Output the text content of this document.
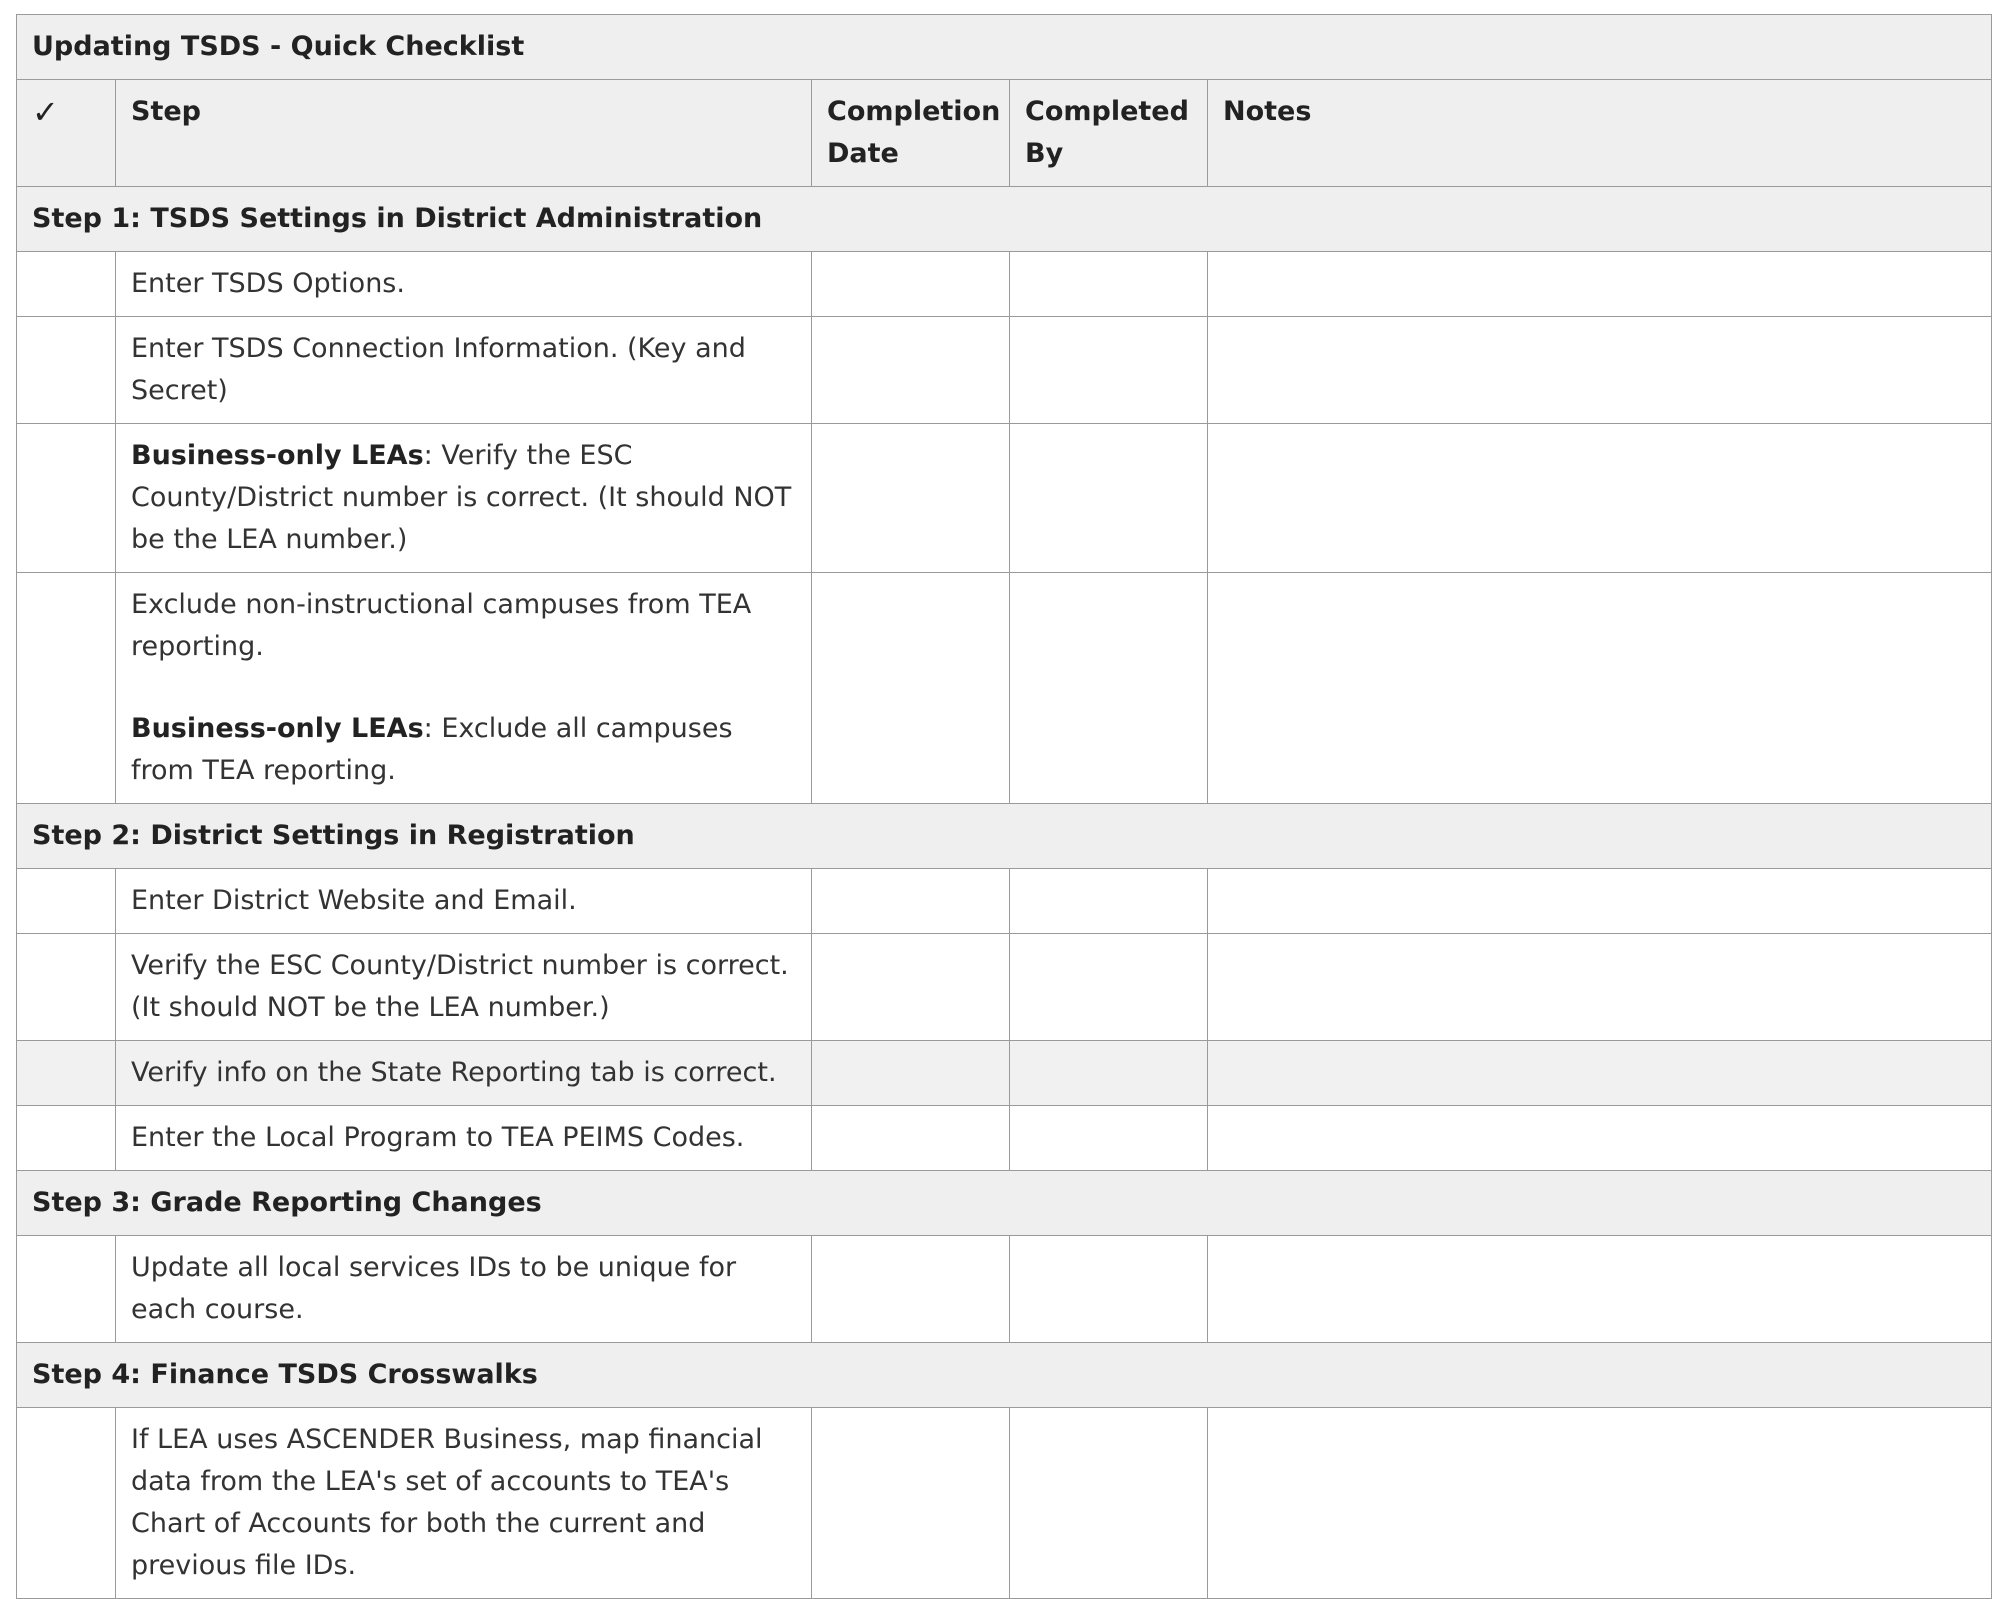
Updating TSDS - Quick Checklist				
✓	Step	Completion Date	Completed By	Notes
Step 1: TSDS Settings in District Administration				
	Enter TSDS Options.			
	Enter TSDS Connection Information. (Key and Secret)			
	Business-only LEAs: Verify the ESC County/District number is correct. (It should NOT be the LEA number.)			
	Exclude non-instructional campuses from TEA reporting.
Business-only LEAs: Exclude all campuses from TEA reporting.			
Step 2: District Settings in Registration				
	Enter District Website and Email.			
	Verify the ESC County/District number is correct. (It should NOT be the LEA number.)			
	Verify info on the State Reporting tab is correct.			
	Enter the Local Program to TEA PEIMS Codes.			
Step 3: Grade Reporting Changes				
	Update all local services IDs to be unique for each course.			
Step 4: Finance TSDS Crosswalks				
	If LEA uses ASCENDER Business, map financial data from the LEA's set of accounts to TEA's Chart of Accounts for both the current and previous file IDs.			
